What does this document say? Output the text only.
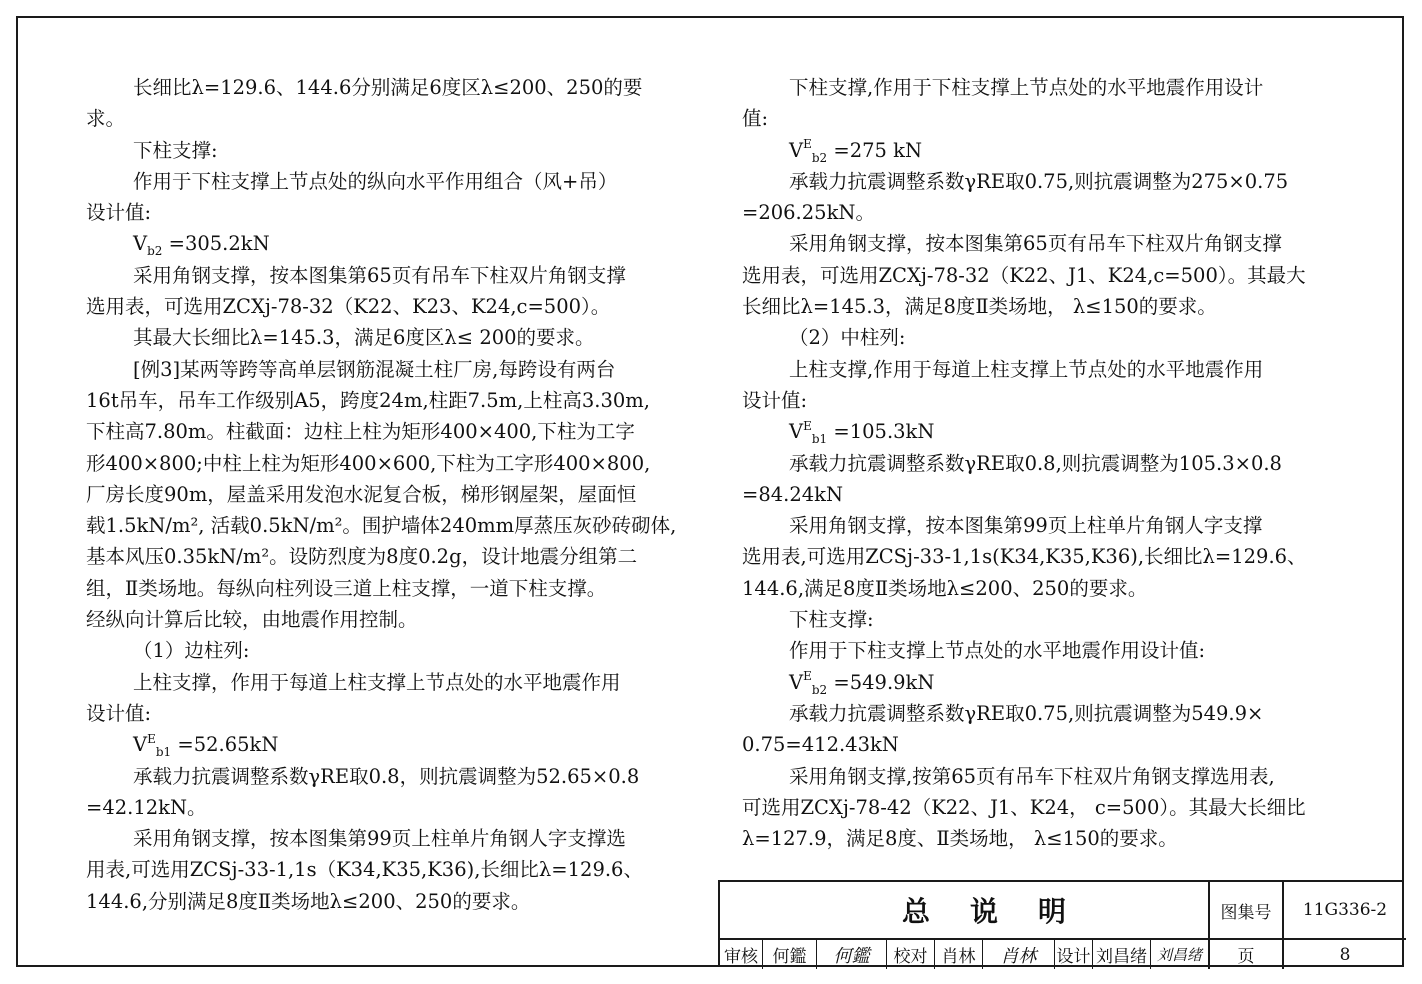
长细比λ=129.6、144.6分别满足6度区λ≤200、250的要

求。

下柱支撑:

作用于下柱支撑上节点处的纵向水平作用组合（风+吊）

设计值:

$V_{b2} =305.2kN$

采用角钢支撑，按本图集第65页有吊车下柱双片角钢支撑

选用表，可选用ZCXj-78-32（K22、K23、K24,c=500）。

其最大长细比λ=145.3，满足6度区λ≤ 200的要求。

[例3]某两等跨等高单层钢筋混凝土柱厂房,每跨设有两台

16t吊车，吊车工作级别A5，跨度24m,柱距7.5m,上柱高3.30m,

下柱高7.80m。柱截面：边柱上柱为矩形400×400,下柱为工字

形400×800;中柱上柱为矩形400×600,下柱为工字形400×800,

厂房长度90m，屋盖采用发泡水泥复合板，梯形钢屋架，屋面恒

载1.5kN/m², 活载0.5kN/m²。围护墙体240mm厚蒸压灰砂砖砌体,

基本风压0.35kN/m²。设防烈度为8度0.2g，设计地震分组第二

组，Ⅱ类场地。每纵向柱列设三道上柱支撑，一道下柱支撑。

经纵向计算后比较，由地震作用控制。

（1）边柱列:

上柱支撑，作用于每道上柱支撑上节点处的水平地震作用

设计值:

$V^E_{b1} =52.65kN$

承载力抗震调整系数γRE取0.8，则抗震调整为52.65×0.8

=42.12kN。

采用角钢支撑，按本图集第99页上柱单片角钢人字支撑选

用表,可选用ZCSj-33-1,1s（K34,K35,K36),长细比λ=129.6、

144.6,分别满足8度Ⅱ类场地λ≤200、250的要求。

下柱支撑,作用于下柱支撑上节点处的水平地震作用设计

值:

$V^E_{b2} =275$ kN

承载力抗震调整系数γRE取0.75,则抗震调整为275×0.75

=206.25kN。

采用角钢支撑，按本图集第65页有吊车下柱双片角钢支撑

选用表，可选用ZCXj-78-32（K22、J1、K24,c=500）。其最大

长细比λ=145.3，满足8度Ⅱ类场地， λ≤150的要求。

（2）中柱列:

上柱支撑,作用于每道上柱支撑上节点处的水平地震作用

设计值:

$V^E_{b1} =105.3kN$

承载力抗震调整系数γRE取0.8,则抗震调整为105.3×0.8

=84.24kN

采用角钢支撑，按本图集第99页上柱单片角钢人字支撑

选用表,可选用ZCSj-33-1,1s(K34,K35,K36),长细比λ=129.6、

144.6,满足8度Ⅱ类场地λ≤200、250的要求。

下柱支撑:

作用于下柱支撑上节点处的水平地震作用设计值:

$V^E_{b2} =549.9kN$

承载力抗震调整系数γRE取0.75,则抗震调整为549.9×

0.75=412.43kN

采用角钢支撑,按第65页有吊车下柱双片角钢支撑选用表,

可选用ZCXj-78-42（K22、J1、K24， c=500）。其最大长细比

λ=127.9，满足8度、Ⅱ类场地， λ≤150的要求。

总说明	图集号	11G336-2
审核 何鑑	何鑑	校对 肖林	肖林	设计 刘昌绪 刘昌绪	页	8
